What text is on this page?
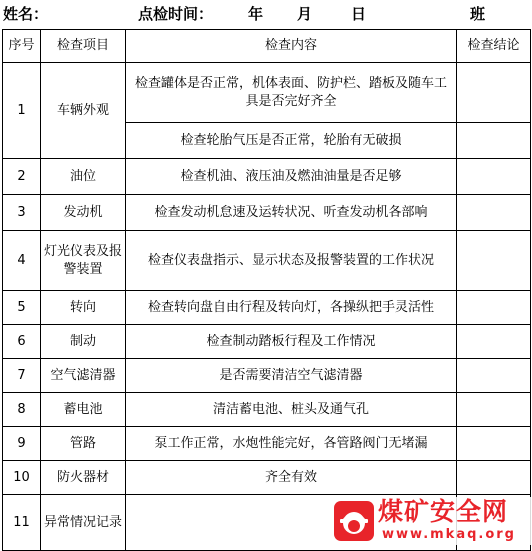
姓名：	点检时间： 年 月	日	班
序号	检查项目	检查内容	检查结论
1	车辆外观	检查罐体是否正常，机体表面、防护栏、踏板及随车工具是否完好齐全	
		检查轮胎气压是否正常，轮胎有无破损	
2	油位	检查机油、液压油及燃油油量是否足够	
3	发动机	检查发动机怠速及运转状况、听查发动机各部响	
4	灯光仪表及报警装置	检查仪表盘指示、显示状态及报警装置的工作状况	
5	转向	检查转向盘自由行程及转向灯，各操纵把手灵活性	
6	制动	检查制动踏板行程及工作情况	
7	空气滤清器	是否需要清洁空气滤清器	
8	蓄电池	清洁蓄电池、桩头及通气孔	
9	管路	泵工作正常，水炮性能完好，各管路阀门无堵漏	
10	防火器材	齐全有效	
11	异常情况记录			煤矿安全网
www.mkaq.org
